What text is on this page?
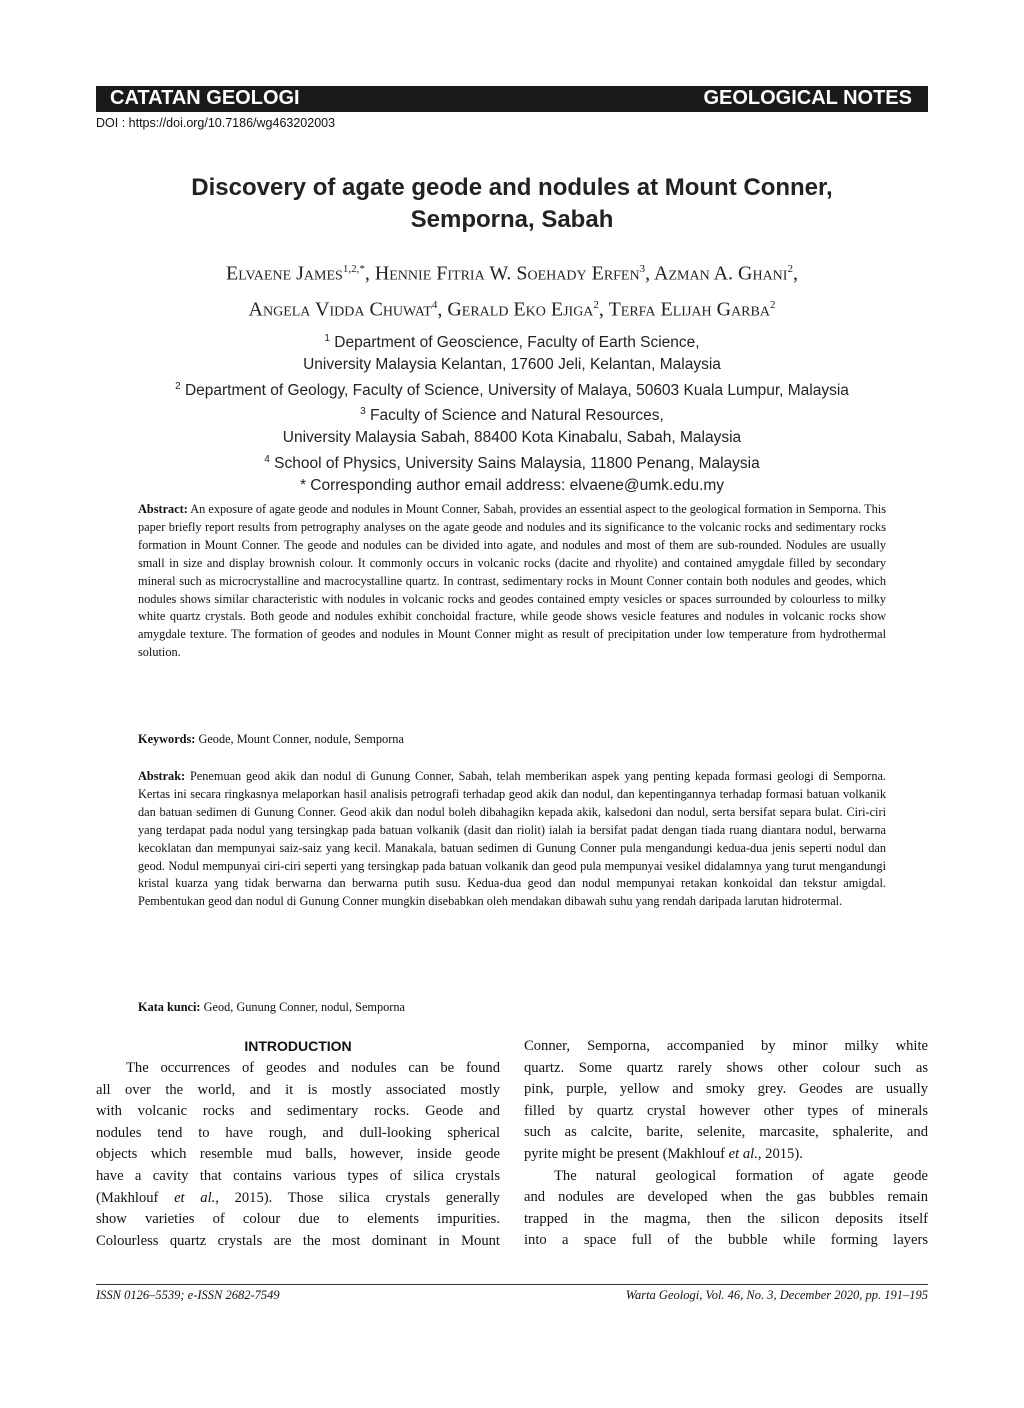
CATATAN GEOLOGI	GEOLOGICAL NOTES
DOI : https://doi.org/10.7186/wg463202003
Discovery of agate geode and nodules at Mount Conner,
Semporna, Sabah
Elvaene James$^{1,2,*}$, Hennie Fitria W. Soehady Erfen$^3$, Azman A. Ghani$^2$,
Angela Vidda Chuwat$^4$, Gerald Eko Ejiga$^2$, Terfa Elijah Garba$^2$
$^1$ Department of Geoscience, Faculty of Earth Science,
University Malaysia Kelantan, 17600 Jeli, Kelantan, Malaysia
$^2$ Department of Geology, Faculty of Science, University of Malaya, 50603 Kuala Lumpur, Malaysia
$^3$ Faculty of Science and Natural Resources,
University Malaysia Sabah, 88400 Kota Kinabalu, Sabah, Malaysia
$^4$ School of Physics, University Sains Malaysia, 11800 Penang, Malaysia
* Corresponding author email address: elvaene@umk.edu.my
Abstract: An exposure of agate geode and nodules in Mount Conner, Sabah, provides an essential aspect to the geological formation in Semporna. This paper briefly report results from petrography analyses on the agate geode and nodules and its significance to the volcanic rocks and sedimentary rocks formation in Mount Conner. The geode and nodules can be divided into agate, and nodules and most of them are sub-rounded. Nodules are usually small in size and display brownish colour. It commonly occurs in volcanic rocks (dacite and rhyolite) and contained amygdale filled by secondary mineral such as microcrystalline and macrocystalline quartz. In contrast, sedimentary rocks in Mount Conner contain both nodules and geodes, which nodules shows similar characteristic with nodules in volcanic rocks and geodes contained empty vesicles or spaces surrounded by colourless to milky white quartz crystals. Both geode and nodules exhibit conchoidal fracture, while geode shows vesicle features and nodules in volcanic rocks show amygdale texture. The formation of geodes and nodules in Mount Conner might as result of precipitation under low temperature from hydrothermal solution.
Keywords: Geode, Mount Conner, nodule, Semporna
Abstrak: Penemuan geod akik dan nodul di Gunung Conner, Sabah, telah memberikan aspek yang penting kepada formasi geologi di Semporna. Kertas ini secara ringkasnya melaporkan hasil analisis petrografi terhadap geod akik dan nodul, dan kepentingannya terhadap formasi batuan volkanik dan batuan sedimen di Gunung Conner. Geod akik dan nodul boleh dibahagikn kepada akik, kalsedoni dan nodul, serta bersifat separa bulat. Ciri-ciri yang terdapat pada nodul yang tersingkap pada batuan volkanik (dasit dan riolit) ialah ia bersifat padat dengan tiada ruang diantara nodul, berwarna kecoklatan dan mempunyai saiz-saiz yang kecil. Manakala, batuan sedimen di Gunung Conner pula mengandungi kedua-dua jenis seperti nodul dan geod. Nodul mempunyai ciri-ciri seperti yang tersingkap pada batuan volkanik dan geod pula mempunyai vesikel didalamnya yang turut mengandungi kristal kuarza yang tidak berwarna dan berwarna putih susu. Kedua-dua geod dan nodul mempunyai retakan konkoidal dan tekstur amigdal. Pembentukan geod dan nodul di Gunung Conner mungkin disebabkan oleh mendakan dibawah suhu yang rendah daripada larutan hidrotermal.
Kata kunci: Geod, Gunung Conner, nodul, Semporna
INTRODUCTION
The occurrences of geodes and nodules can be found
all over the world, and it is mostly associated mostly
with volcanic rocks and sedimentary rocks. Geode and
nodules tend to have rough, and dull-looking spherical
objects which resemble mud balls, however, inside geode
have a cavity that contains various types of silica crystals
(Makhlouf et al., 2015). Those silica crystals generally
show varieties of colour due to elements impurities.
Colourless quartz crystals are the most dominant in Mount
Conner, Semporna, accompanied by minor milky white
quartz. Some quartz rarely shows other colour such as
pink, purple, yellow and smoky grey. Geodes are usually
filled by quartz crystal however other types of minerals
such as calcite, barite, selenite, marcasite, sphalerite, and
pyrite might be present (Makhlouf et al., 2015).
The natural geological formation of agate geode
and nodules are developed when the gas bubbles remain
trapped in the magma, then the silicon deposits itself
into a space full of the bubble while forming layers
ISSN 0126–5539; e-ISSN 2682-7549	Warta Geologi, Vol. 46, No. 3, December 2020, pp. 191–195
